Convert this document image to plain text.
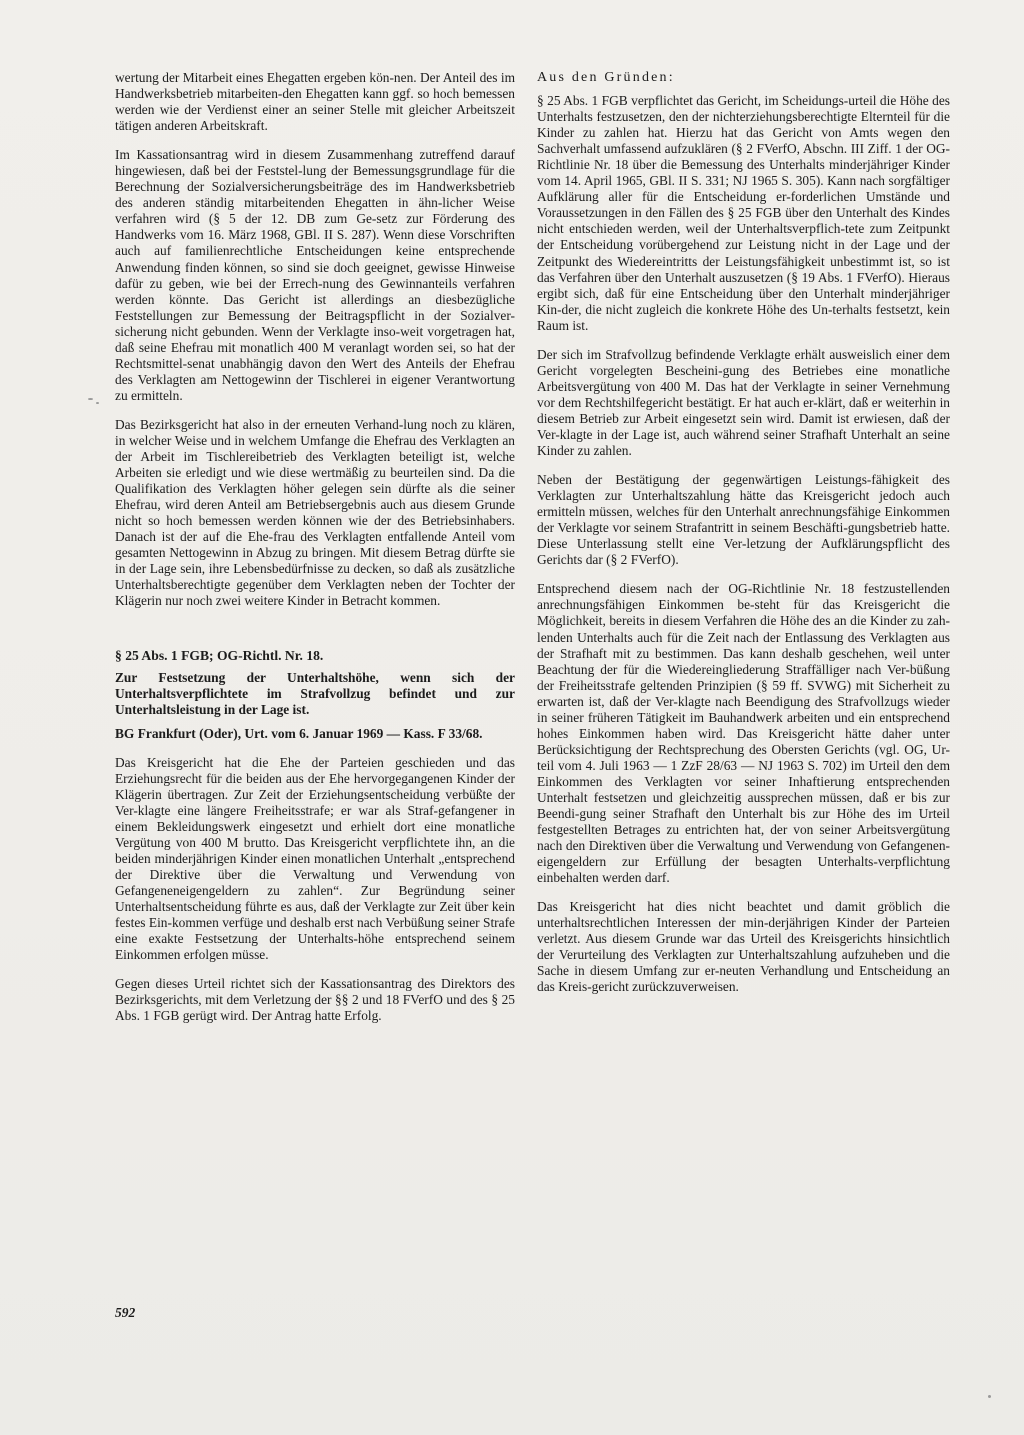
wertung der Mitarbeit eines Ehegatten ergeben kön-nen. Der Anteil des im Handwerksbetrieb mitarbeiten-den Ehegatten kann ggf. so hoch bemessen werden wie der Verdienst einer an seiner Stelle mit gleicher Arbeitszeit tätigen anderen Arbeitskraft.

Im Kassationsantrag wird in diesem Zusammenhang zutreffend darauf hingewiesen, daß bei der Feststel-lung der Bemessungsgrundlage für die Berechnung der Sozialversicherungsbeiträge des im Handwerksbetrieb des anderen ständig mitarbeitenden Ehegatten in ähn-licher Weise verfahren wird (§ 5 der 12. DB zum Ge-setz zur Förderung des Handwerks vom 16. März 1968, GBl. II S. 287). Wenn diese Vorschriften auch auf familienrechtliche Entscheidungen keine entsprechende Anwendung finden können, so sind sie doch geeignet, gewisse Hinweise dafür zu geben, wie bei der Errech-nung des Gewinnanteils verfahren werden könnte. Das Gericht ist allerdings an diesbezügliche Feststellungen zur Bemessung der Beitragspflicht in der Sozialver-sicherung nicht gebunden. Wenn der Verklagte inso-weit vorgetragen hat, daß seine Ehefrau mit monatlich 400 M veranlagt worden sei, so hat der Rechtsmittel-senat unabhängig davon den Wert des Anteils der Ehefrau des Verklagten am Nettogewinn der Tischlerei in eigener Verantwortung zu ermitteln.

Das Bezirksgericht hat also in der erneuten Verhand-lung noch zu klären, in welcher Weise und in welchem Umfange die Ehefrau des Verklagten an der Arbeit im Tischlereibetrieb des Verklagten beteiligt ist, welche Arbeiten sie erledigt und wie diese wertmäßig zu beurteilen sind. Da die Qualifikation des Verklagten höher gelegen sein dürfte als die seiner Ehefrau, wird deren Anteil am Betriebsergebnis auch aus diesem Grunde nicht so hoch bemessen werden können wie der des Betriebsinhabers. Danach ist der auf die Ehe-frau des Verklagten entfallende Anteil vom gesamten Nettogewinn in Abzug zu bringen. Mit diesem Betrag dürfte sie in der Lage sein, ihre Lebensbedürfnisse zu decken, so daß als zusätzliche Unterhaltsberechtigte gegenüber dem Verklagten neben der Tochter der Klägerin nur noch zwei weitere Kinder in Betracht kommen.

§ 25 Abs. 1 FGB; OG-Richtl. Nr. 18.

Zur Festsetzung der Unterhaltshöhe, wenn sich der Unterhaltsverpflichtete im Strafvollzug befindet und zur Unterhaltsleistung in der Lage ist.

BG Frankfurt (Oder), Urt. vom 6. Januar 1969 — Kass. F 33/68.

Das Kreisgericht hat die Ehe der Parteien geschieden und das Erziehungsrecht für die beiden aus der Ehe hervorgegangenen Kinder der Klägerin übertragen. Zur Zeit der Erziehungsentscheidung verbüßte der Ver-klagte eine längere Freiheitsstrafe; er war als Straf-gefangener in einem Bekleidungswerk eingesetzt und erhielt dort eine monatliche Vergütung von 400 M brutto. Das Kreisgericht verpflichtete ihn, an die beiden minderjährigen Kinder einen monatlichen Unterhalt „entsprechend der Direktive über die Verwaltung und Verwendung von Gefangeneneigengeldern zu zahlen“. Zur Begründung seiner Unterhaltsentscheidung führte es aus, daß der Verklagte zur Zeit über kein festes Ein-kommen verfüge und deshalb erst nach Verbüßung seiner Strafe eine exakte Festsetzung der Unterhalts-höhe entsprechend seinem Einkommen erfolgen müsse.

Gegen dieses Urteil richtet sich der Kassationsantrag des Direktors des Bezirksgerichts, mit dem Verletzung der §§ 2 und 18 FVerfO und des § 25 Abs. 1 FGB gerügt wird. Der Antrag hatte Erfolg.

Aus den Gründen:

§ 25 Abs. 1 FGB verpflichtet das Gericht, im Scheidungs-urteil die Höhe des Unterhalts festzusetzen, den der nichterziehungsberechtigte Elternteil für die Kinder zu zahlen hat. Hierzu hat das Gericht von Amts wegen den Sachverhalt umfassend aufzuklären (§ 2 FVerfO, Abschn. III Ziff. 1 der OG-Richtlinie Nr. 18 über die Bemessung des Unterhalts minderjähriger Kinder vom 14. April 1965, GBl. II S. 331; NJ 1965 S. 305). Kann nach sorgfältiger Aufklärung aller für die Entscheidung er-forderlichen Umstände und Voraussetzungen in den Fällen des § 25 FGB über den Unterhalt des Kindes nicht entschieden werden, weil der Unterhaltsverpflich-tete zum Zeitpunkt der Entscheidung vorübergehend zur Leistung nicht in der Lage und der Zeitpunkt des Wiedereintritts der Leistungsfähigkeit unbestimmt ist, so ist das Verfahren über den Unterhalt auszusetzen (§ 19 Abs. 1 FVerfO). Hieraus ergibt sich, daß für eine Entscheidung über den Unterhalt minderjähriger Kin-der, die nicht zugleich die konkrete Höhe des Un-terhalts festsetzt, kein Raum ist.

Der sich im Strafvollzug befindende Verklagte erhält ausweislich einer dem Gericht vorgelegten Bescheini-gung des Betriebes eine monatliche Arbeitsvergütung von 400 M. Das hat der Verklagte in seiner Vernehmung vor dem Rechtshilfegericht bestätigt. Er hat auch er-klärt, daß er weiterhin in diesem Betrieb zur Arbeit eingesetzt sein wird. Damit ist erwiesen, daß der Ver-klagte in der Lage ist, auch während seiner Strafhaft Unterhalt an seine Kinder zu zahlen.

Neben der Bestätigung der gegenwärtigen Leistungs-fähigkeit des Verklagten zur Unterhaltszahlung hätte das Kreisgericht jedoch auch ermitteln müssen, welches für den Unterhalt anrechnungsfähige Einkommen der Verklagte vor seinem Strafantritt in seinem Beschäfti-gungsbetrieb hatte. Diese Unterlassung stellt eine Ver-letzung der Aufklärungspflicht des Gerichts dar (§ 2 FVerfO).

Entsprechend diesem nach der OG-Richtlinie Nr. 18 festzustellenden anrechnungsfähigen Einkommen be-steht für das Kreisgericht die Möglichkeit, bereits in diesem Verfahren die Höhe des an die Kinder zu zah-lenden Unterhalts auch für die Zeit nach der Entlassung des Verklagten aus der Strafhaft mit zu bestimmen. Das kann deshalb geschehen, weil unter Beachtung der für die Wiedereingliederung Straffälliger nach Ver-büßung der Freiheitsstrafe geltenden Prinzipien (§ 59 ff. SVWG) mit Sicherheit zu erwarten ist, daß der Ver-klagte nach Beendigung des Strafvollzugs wieder in seiner früheren Tätigkeit im Bauhandwerk arbeiten und ein entsprechend hohes Einkommen haben wird. Das Kreisgericht hätte daher unter Berücksichtigung der Rechtsprechung des Obersten Gerichts (vgl. OG, Ur-teil vom 4. Juli 1963 — 1 ZzF 28/63 — NJ 1963 S. 702) im Urteil den dem Einkommen des Verklagten vor seiner Inhaftierung entsprechenden Unterhalt festsetzen und gleichzeitig aussprechen müssen, daß er bis zur Beendi-gung seiner Strafhaft den Unterhalt bis zur Höhe des im Urteil festgestellten Betrages zu entrichten hat, der von seiner Arbeitsvergütung nach den Direktiven über die Verwaltung und Verwendung von Gefangenen-eigengeldern zur Erfüllung der besagten Unterhalts-verpflichtung einbehalten werden darf.

Das Kreisgericht hat dies nicht beachtet und damit gröblich die unterhaltsrechtlichen Interessen der min-derjährigen Kinder der Parteien verletzt. Aus diesem Grunde war das Urteil des Kreisgerichts hinsichtlich der Verurteilung des Verklagten zur Unterhaltszahlung aufzuheben und die Sache in diesem Umfang zur er-neuten Verhandlung und Entscheidung an das Kreis-gericht zurückzuverweisen.

592
